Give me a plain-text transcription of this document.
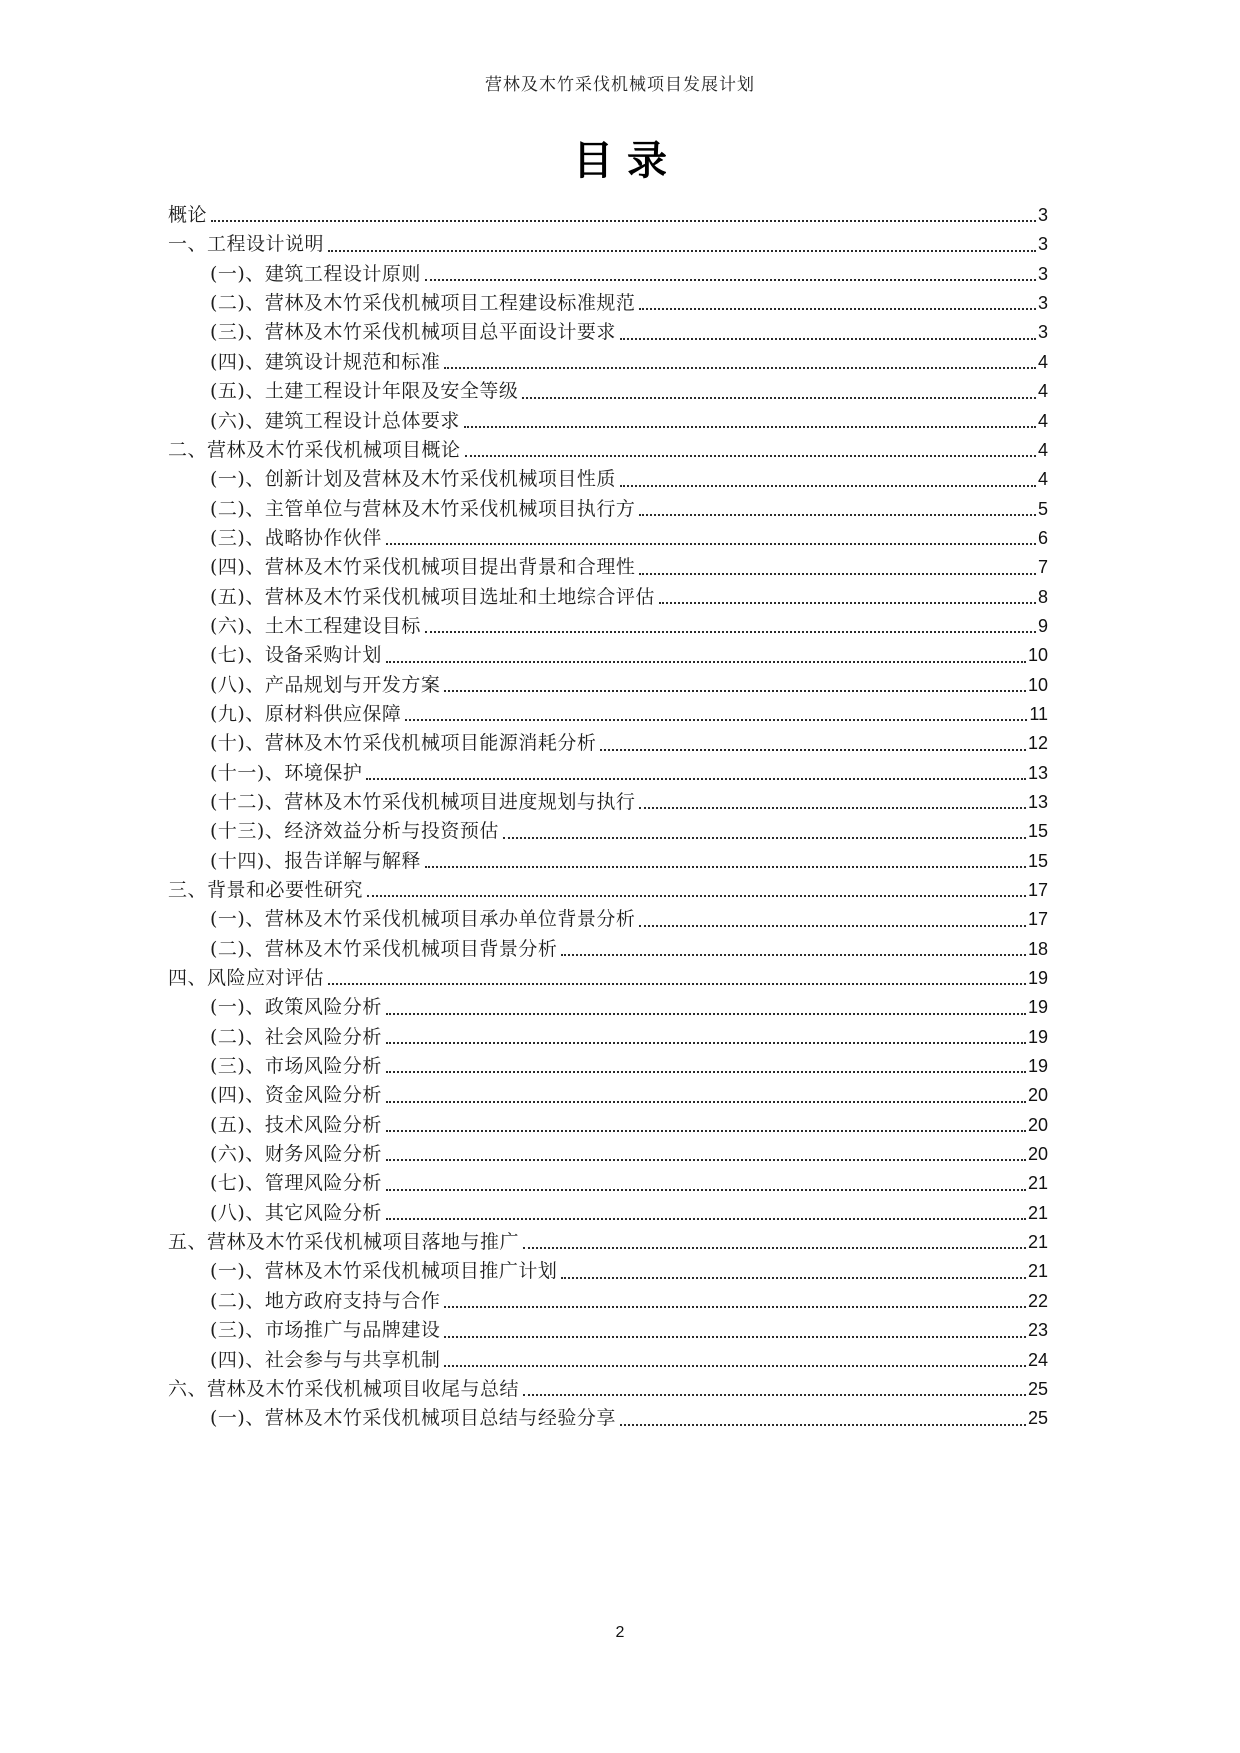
营林及木竹采伐机械项目发展计划
目录
概论	3
一、工程设计说明	3
(一)、建筑工程设计原则	3
(二)、营林及木竹采伐机械项目工程建设标准规范	3
(三)、营林及木竹采伐机械项目总平面设计要求	3
(四)、建筑设计规范和标准	4
(五)、土建工程设计年限及安全等级	4
(六)、建筑工程设计总体要求	4
二、营林及木竹采伐机械项目概论	4
(一)、创新计划及营林及木竹采伐机械项目性质	4
(二)、主管单位与营林及木竹采伐机械项目执行方	5
(三)、战略协作伙伴	6
(四)、营林及木竹采伐机械项目提出背景和合理性	7
(五)、营林及木竹采伐机械项目选址和土地综合评估	8
(六)、土木工程建设目标	9
(七)、设备采购计划	10
(八)、产品规划与开发方案	10
(九)、原材料供应保障	11
(十)、营林及木竹采伐机械项目能源消耗分析	12
(十一)、环境保护	13
(十二)、营林及木竹采伐机械项目进度规划与执行	13
(十三)、经济效益分析与投资预估	15
(十四)、报告详解与解释	15
三、背景和必要性研究	17
(一)、营林及木竹采伐机械项目承办单位背景分析	17
(二)、营林及木竹采伐机械项目背景分析	18
四、风险应对评估	19
(一)、政策风险分析	19
(二)、社会风险分析	19
(三)、市场风险分析	19
(四)、资金风险分析	20
(五)、技术风险分析	20
(六)、财务风险分析	20
(七)、管理风险分析	21
(八)、其它风险分析	21
五、营林及木竹采伐机械项目落地与推广	21
(一)、营林及木竹采伐机械项目推广计划	21
(二)、地方政府支持与合作	22
(三)、市场推广与品牌建设	23
(四)、社会参与与共享机制	24
六、营林及木竹采伐机械项目收尾与总结	25
(一)、营林及木竹采伐机械项目总结与经验分享	25
2
